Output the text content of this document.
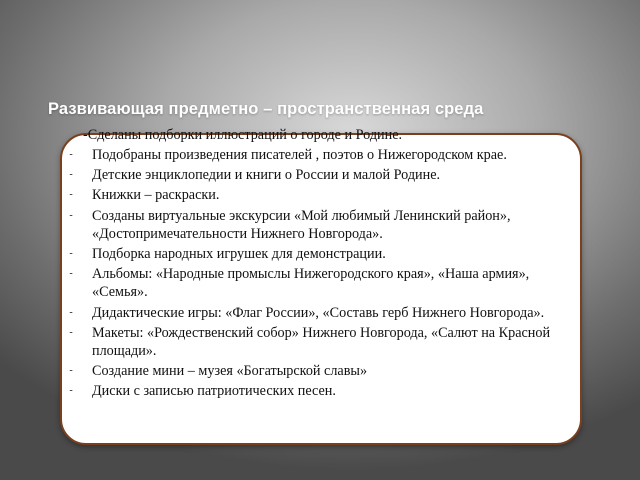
Развивающая предметно – пространственная среда
-Сделаны подборки иллюстраций о городе и Родине.
-	Подобраны произведения писателей , поэтов о Нижегородском крае.
-	Детские энциклопедии и книги о России и малой Родине.
-	Книжки – раскраски.
-	Созданы виртуальные экскурсии «Мой любимый Ленинский район», «Достопримечательности Нижнего Новгорода».
-	Подборка народных игрушек для демонстрации.
-	Альбомы: «Народные промыслы Нижегородского края», «Наша армия», «Семья».
-	Дидактические игры: «Флаг России», «Составь герб Нижнего Новгорода».
-	Макеты: «Рождественский собор» Нижнего Новгорода, «Салют на Красной площади».
-	Создание мини – музея «Богатырской славы»
-	Диски с записью патриотических песен.
